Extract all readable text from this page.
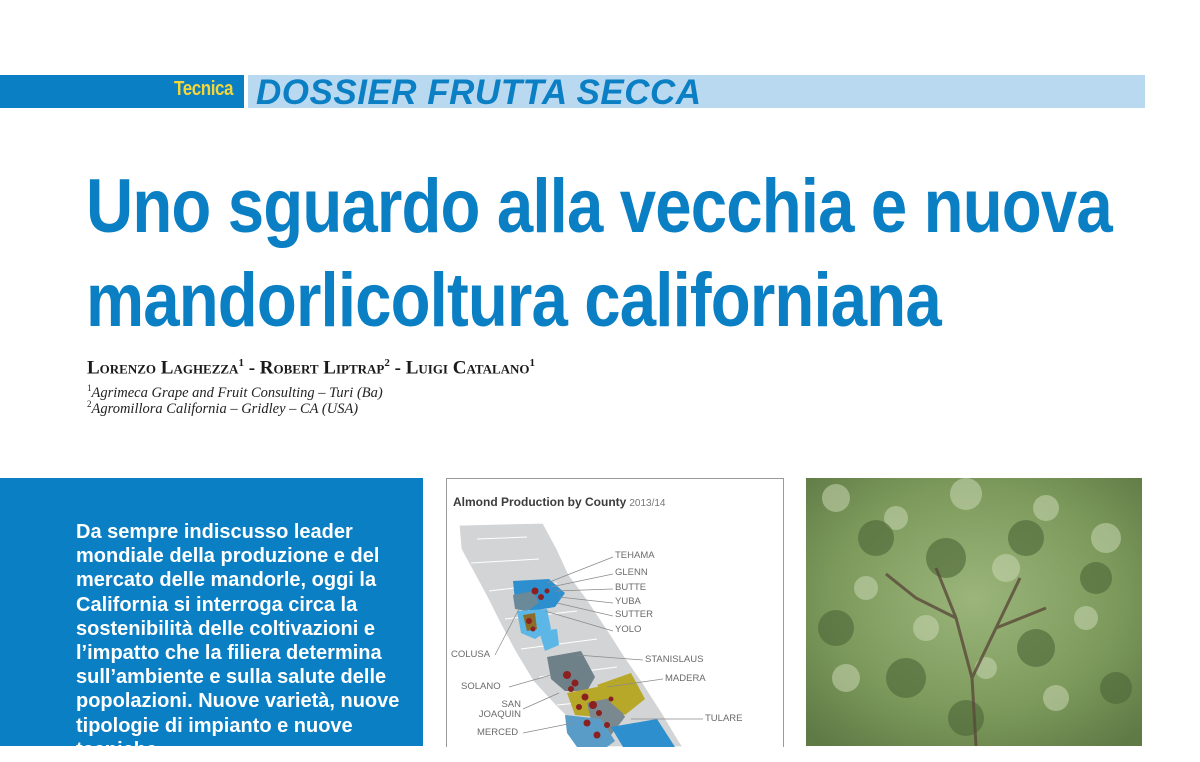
Tecnica DOSSIER FRUTTA SECCA
Uno sguardo alla vecchia e nuova
mandorlicoltura californiana
Lorenzo Laghezza$^1$ - Robert Liptrap$^2$ - Luigi Catalano$^1$
$^1$Agrimeca Grape and Fruit Consulting – Turi (Ba)
$^2$Agromillora California – Gridley – CA (USA)

Da sempre indiscusso leader mondiale della produzione e del mercato delle mandorle, oggi la California si interroga circa la sostenibilità delle coltivazioni e l’impatto che la filiera determina sull’ambiente e sulla salute delle popolazioni. Nuove varietà, nuove tipologie di impianto e nuove tecniche

Almond Production by County 2013/14
TEHAMA
GLENN
BUTTE
YUBA
SUTTER
YOLO
COLUSA	STANISLAUS
MADERA
SOLANO
SAN JOAQUIN	TULARE
MERCED
